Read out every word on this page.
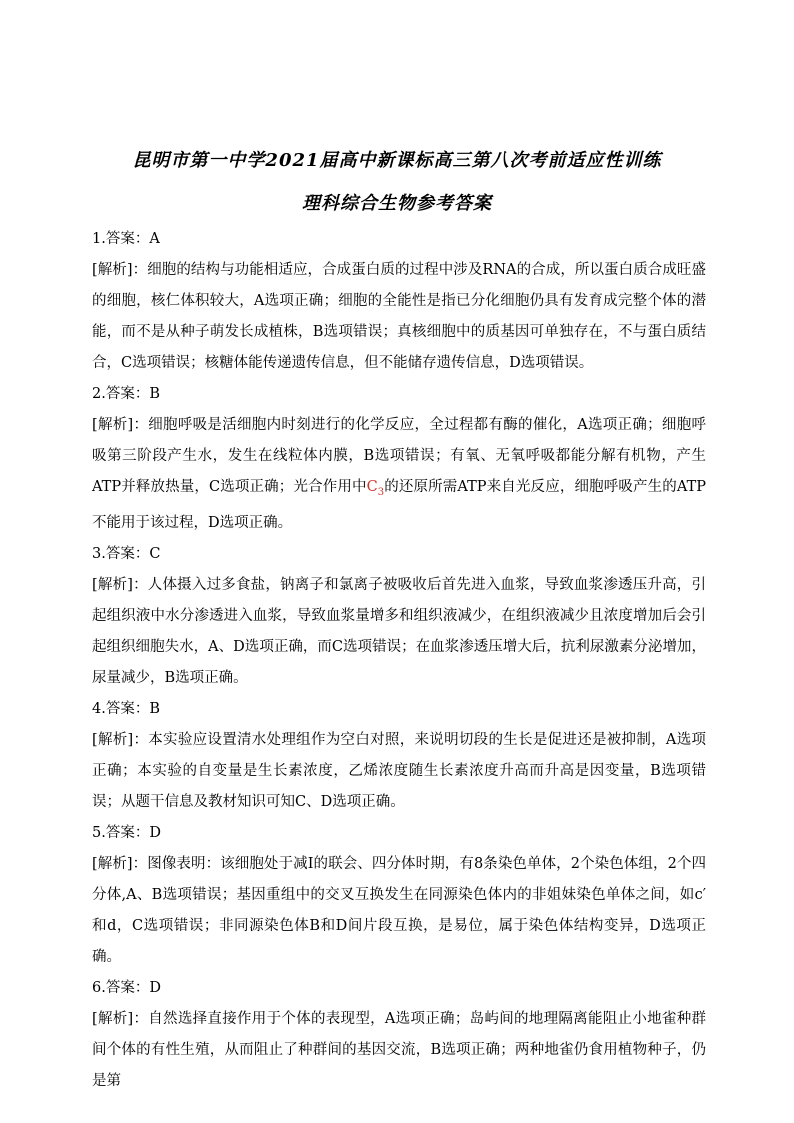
昆明市第一中学2021届高中新课标高三第八次考前适应性训练
理科综合生物参考答案
1.答案：A
[解析]：细胞的结构与功能相适应，合成蛋白质的过程中涉及RNA的合成，所以蛋白质合成旺盛的细胞，核仁体积较大，A选项正确；细胞的全能性是指已分化细胞仍具有发育成完整个体的潜能，而不是从种子萌发长成植株，B选项错误；真核细胞中的质基因可单独存在，不与蛋白质结合，C选项错误；核糖体能传递遗传信息，但不能储存遗传信息，D选项错误。
2.答案：B
[解析]：细胞呼吸是活细胞内时刻进行的化学反应，全过程都有酶的催化，A选项正确；细胞呼吸第三阶段产生水，发生在线粒体内膜，B选项错误；有氧、无氧呼吸都能分解有机物，产生ATP并释放热量，C选项正确；光合作用中$C_3$的还原所需ATP来自光反应，细胞呼吸产生的ATP不能用于该过程，D选项正确。
3.答案：C
[解析]：人体摄入过多食盐，钠离子和氯离子被吸收后首先进入血浆，导致血浆渗透压升高，引起组织液中水分渗透进入血浆，导致血浆量增多和组织液减少，在组织液减少且浓度增加后会引起组织细胞失水，A、D选项正确，而C选项错误；在血浆渗透压增大后，抗利尿激素分泌增加，尿量减少，B选项正确。
4.答案：B
[解析]：本实验应设置清水处理组作为空白对照，来说明切段的生长是促进还是被抑制，A选项正确；本实验的自变量是生长素浓度，乙烯浓度随生长素浓度升高而升高是因变量，B选项错误；从题干信息及教材知识可知C、D选项正确。
5.答案：D
[解析]：图像表明：该细胞处于减Ⅰ的联会、四分体时期，有8条染色单体，2个染色体组，2个四分体,A、B选项错误；基因重组中的交叉互换发生在同源染色体内的非姐妹染色单体之间，如c′和d，C选项错误；非同源染色体B和D间片段互换，是易位，属于染色体结构变异，D选项正确。
6.答案：D
[解析]：自然选择直接作用于个体的表现型，A选项正确；岛屿间的地理隔离能阻止小地雀种群间个体的有性生殖，从而阻止了种群间的基因交流，B选项正确；两种地雀仍食用植物种子，仍是第
